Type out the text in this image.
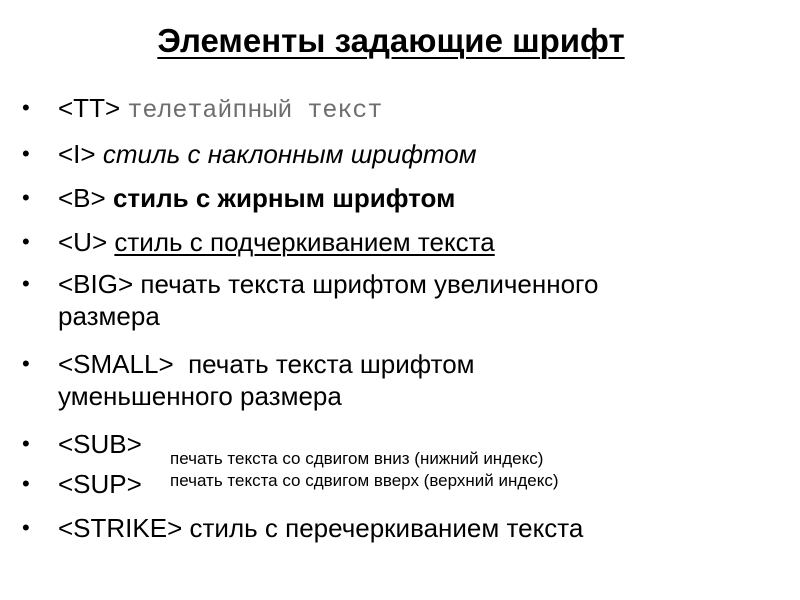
Элементы задающие шрифт
• <TT> телетайпный текст
• <I> стиль с наклонным шрифтом
• <B> стиль с жирным шрифтом
• <U> стиль с подчеркиванием текста
• <BIG> печать текста шрифтом увеличенного
размера
• <SMALL> печать текста шрифтом
уменьшенного размера
• <SUB> печать текста со сдвигом вниз (нижний индекс)
• <SUP> печать текста со сдвигом вверх (верхний индекс)
• <STRIKE> стиль с перечеркиванием текста
